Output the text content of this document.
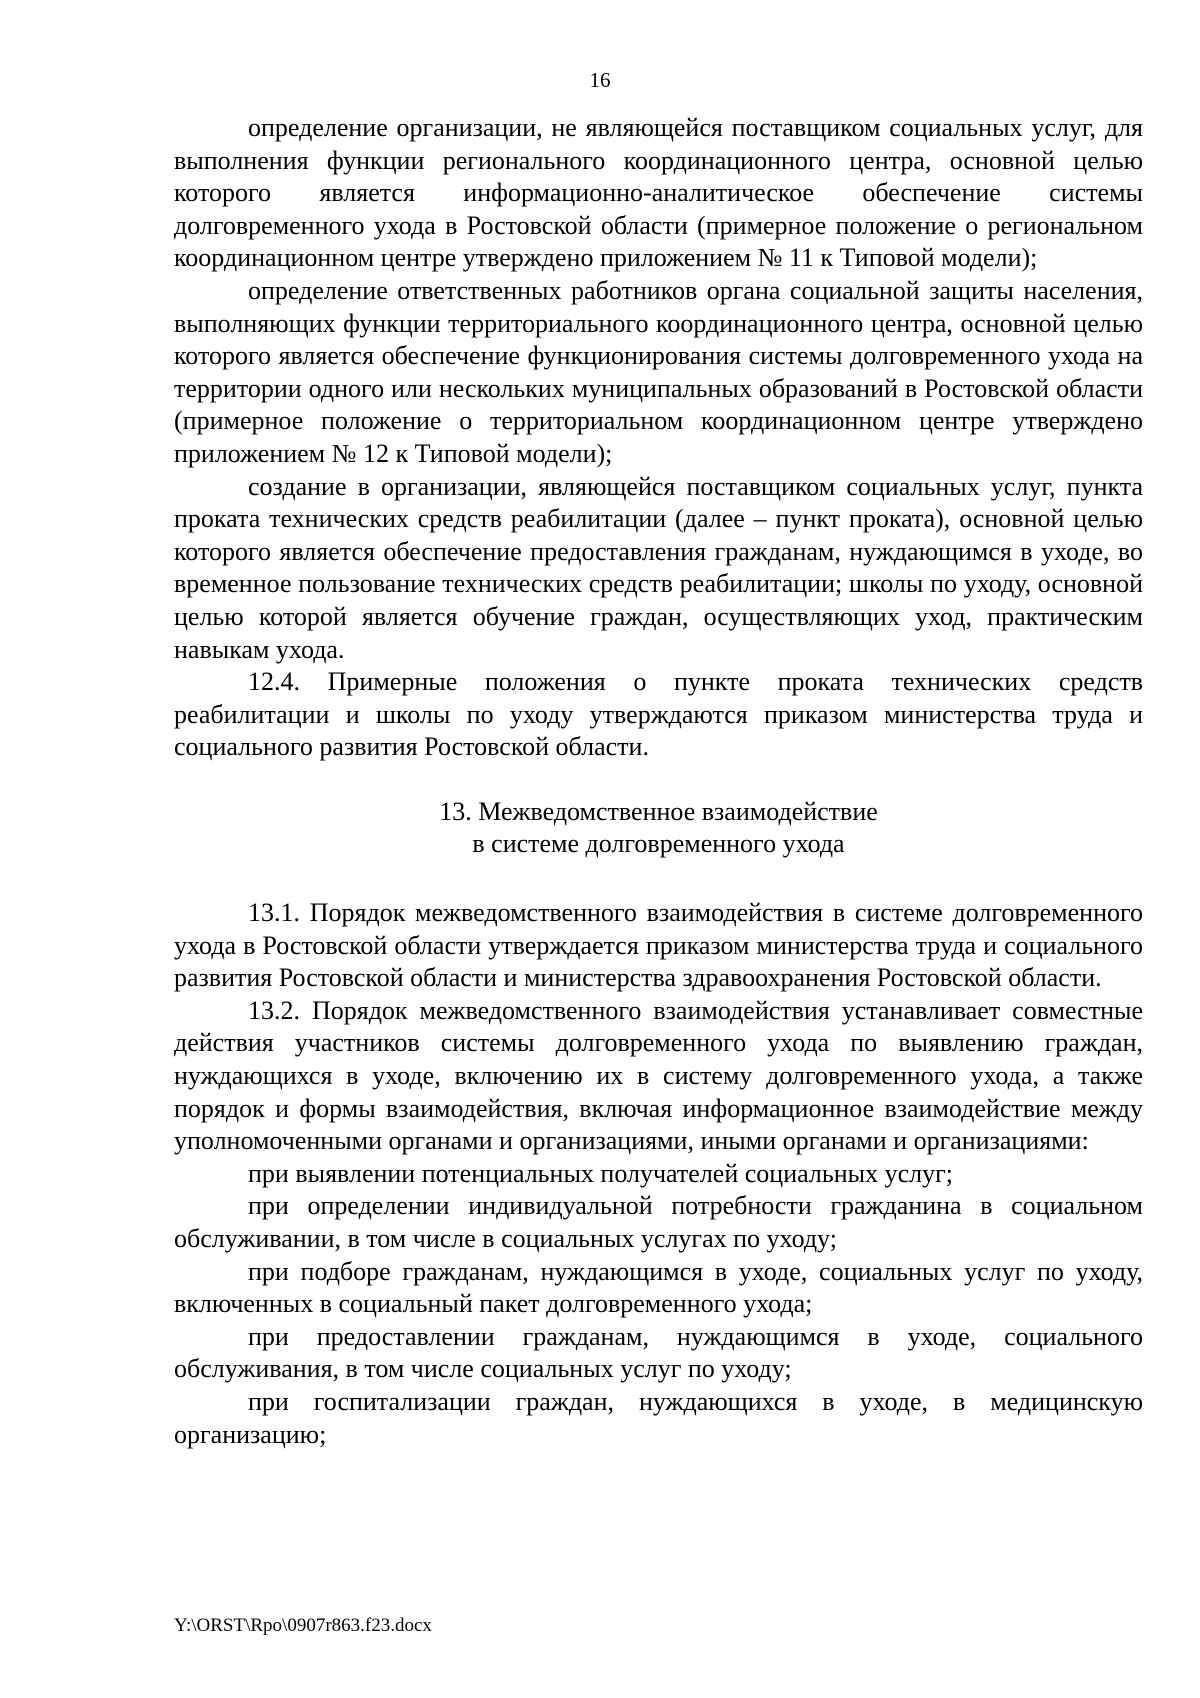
16

определение организации, не являющейся поставщиком социальных услуг, для выполнения функции регионального координационного центра, основной целью которого является информационно-аналитическое обеспечение системы долговременного ухода в Ростовской области (примерное положение о региональном координационном центре утверждено приложением № 11 к Типовой модели);

определение ответственных работников органа социальной защиты населения, выполняющих функции территориального координационного центра, основной целью которого является обеспечение функционирования системы долговременного ухода на территории одного или нескольких муниципальных образований в Ростовской области (примерное положение о территориальном координационном центре утверждено приложением № 12 к Типовой модели);

создание в организации, являющейся поставщиком социальных услуг, пункта проката технических средств реабилитации (далее – пункт проката), основной целью которого является обеспечение предоставления гражданам, нуждающимся в уходе, во временное пользование технических средств реабилитации; школы по уходу, основной целью которой является обучение граждан, осуществляющих уход, практическим навыкам ухода.

12.4. Примерные положения о пункте проката технических средств реабилитации и школы по уходу утверждаются приказом министерства труда и социального развития Ростовской области.

13. Межведомственное взаимодействие
в системе долговременного ухода

13.1. Порядок межведомственного взаимодействия в системе долговременного ухода в Ростовской области утверждается приказом министерства труда и социального развития Ростовской области и министерства здравоохранения Ростовской области.

13.2. Порядок межведомственного взаимодействия устанавливает совместные действия участников системы долговременного ухода по выявлению граждан, нуждающихся в уходе, включению их в систему долговременного ухода, а также порядок и формы взаимодействия, включая информационное взаимодействие между уполномоченными органами и организациями, иными органами и организациями:

при выявлении потенциальных получателей социальных услуг;

при определении индивидуальной потребности гражданина в социальном обслуживании, в том числе в социальных услугах по уходу;

при подборе гражданам, нуждающимся в уходе, социальных услуг по уходу, включенных в социальный пакет долговременного ухода;

при предоставлении гражданам, нуждающимся в уходе, социального обслуживания, в том числе социальных услуг по уходу;

при госпитализации граждан, нуждающихся в уходе, в медицинскую организацию;

Y:\ORST\Rpo\0907r863.f23.docx
